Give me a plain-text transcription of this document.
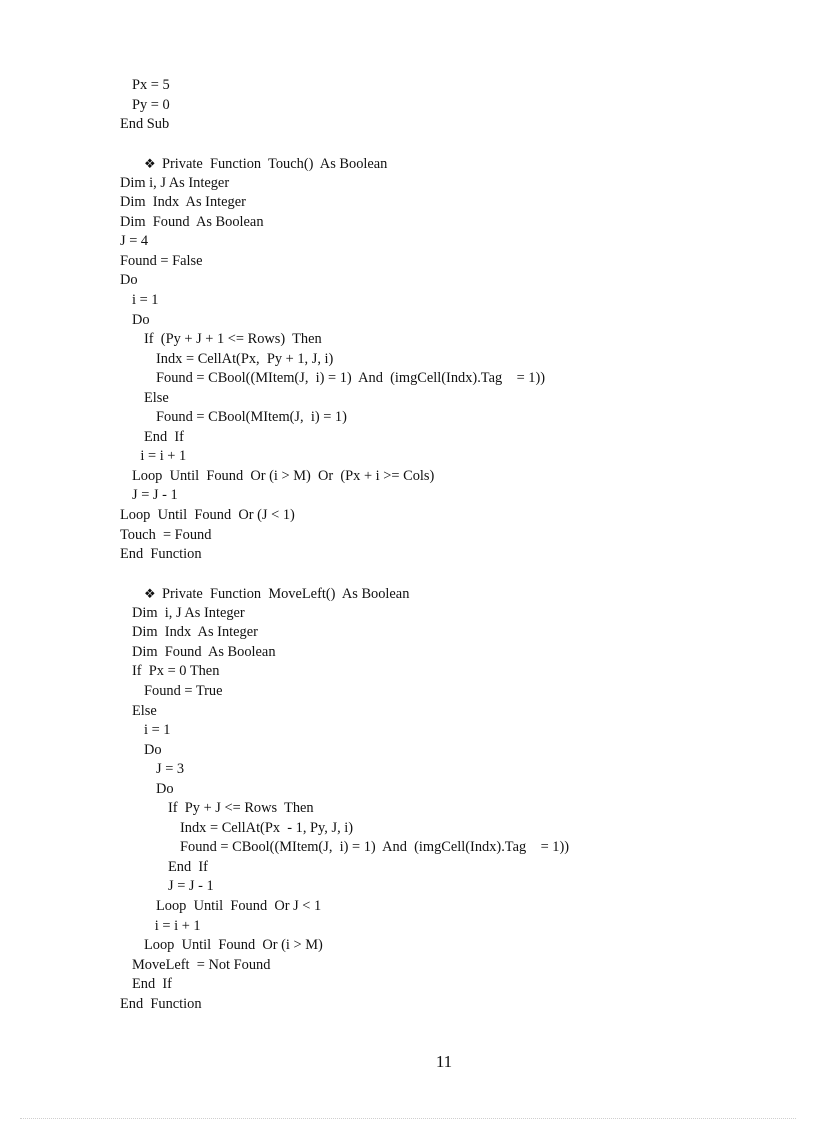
Px = 5
Py = 0
End Sub
❖ Private  Function  Touch()  As Boolean
Dim i, J As Integer
Dim  Indx  As Integer
Dim  Found  As Boolean
J = 4
Found = False
Do
i = 1
Do
If  (Py + J + 1 <= Rows)  Then
Indx = CellAt(Px,  Py + 1, J, i)
Found = CBool((MItem(J,  i) = 1)  And  (imgCell(Indx).Tag    = 1))
Else
Found = CBool(MItem(J,  i) = 1)
End  If
i = i + 1
Loop  Until  Found  Or (i > M)  Or  (Px + i >= Cols)
J = J - 1
Loop  Until  Found  Or (J < 1)
Touch  = Found
End  Function
❖ Private  Function  MoveLeft()  As Boolean
Dim  i, J As Integer
Dim  Indx  As Integer
Dim  Found  As Boolean
If  Px = 0 Then
Found = True
Else
i = 1
Do
J = 3
Do
If  Py + J <= Rows  Then
Indx = CellAt(Px  - 1, Py, J, i)
Found = CBool((MItem(J,  i) = 1)  And  (imgCell(Indx).Tag    = 1))
End  If
J = J - 1
Loop  Until  Found  Or J < 1
i = i + 1
Loop  Until  Found  Or (i > M)
MoveLeft  = Not Found
End  If
End  Function
11
